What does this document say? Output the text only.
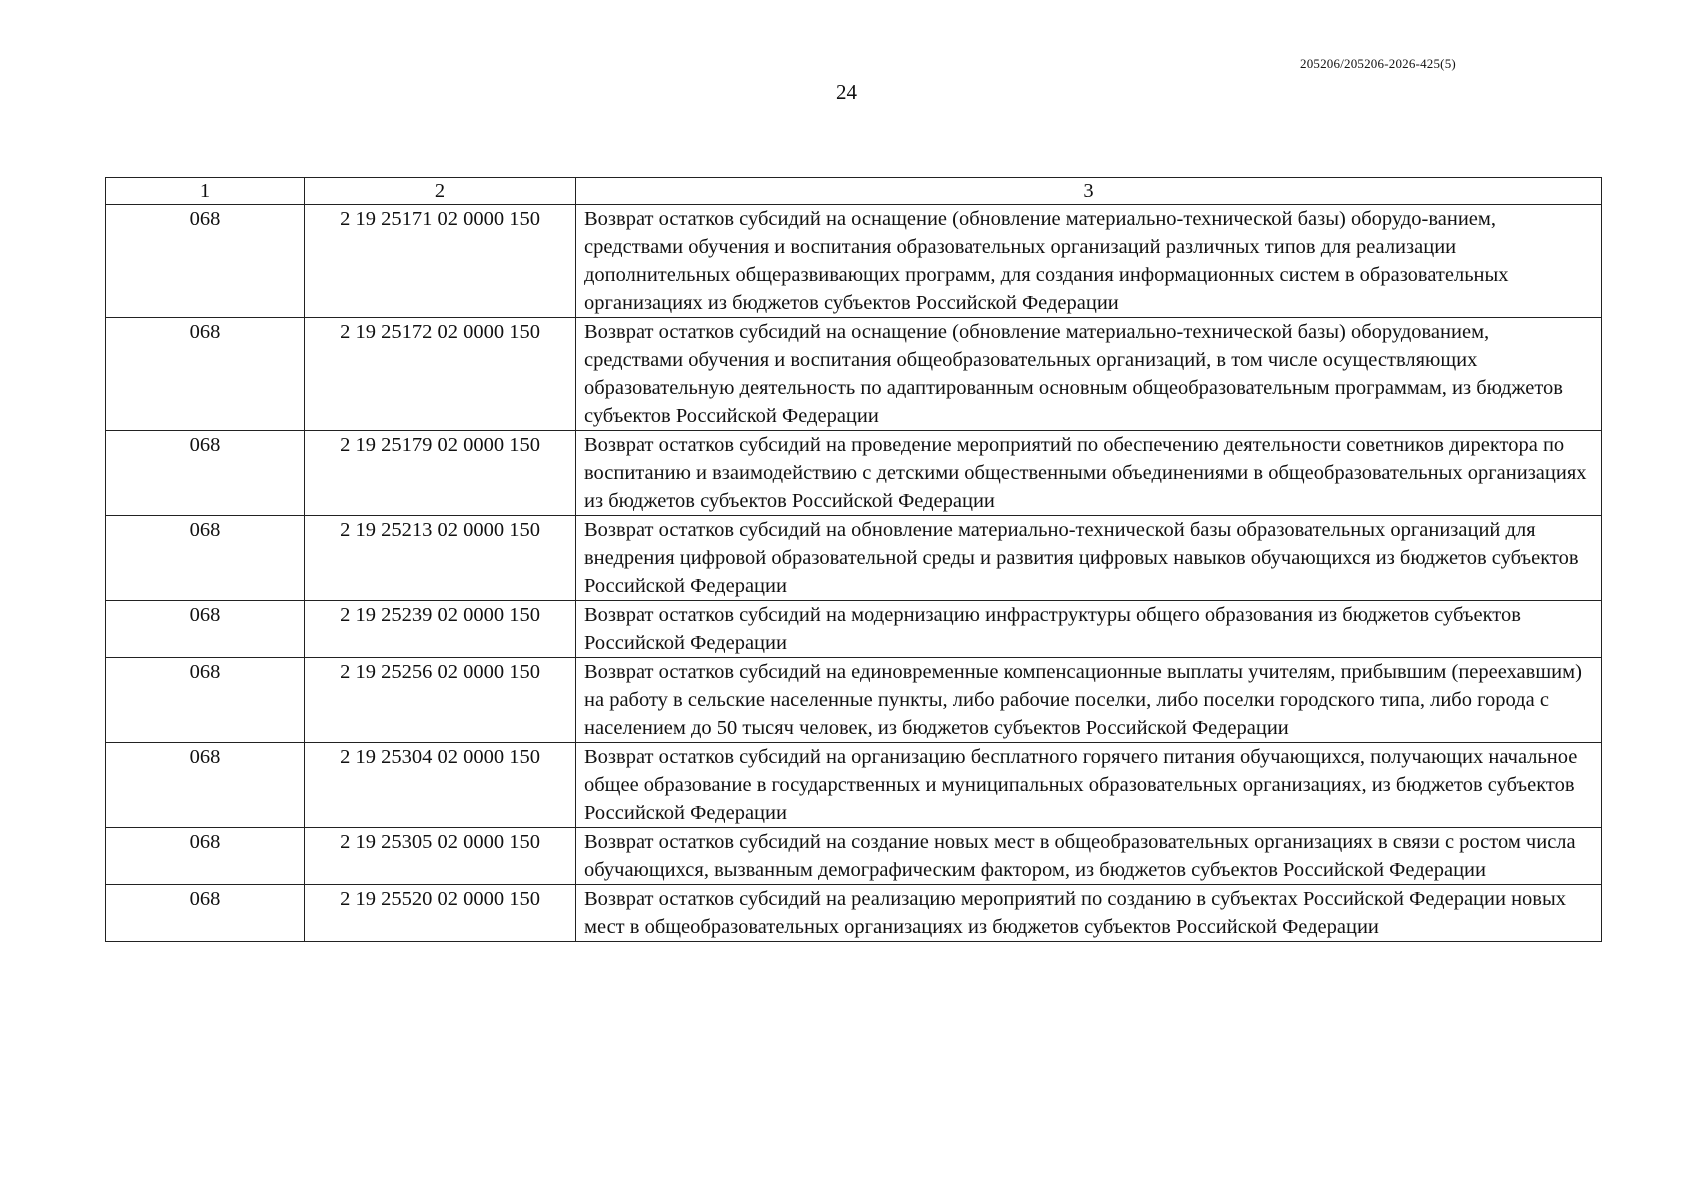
205206/205206-2026-425(5)
24
1	2	3
068	2 19 25171 02 0000 150	Возврат остатков субсидий на оснащение (обновление материально-технической базы) оборудо-ванием, средствами обучения и воспитания образовательных организаций различных типов для реализации дополнительных общеразвивающих программ, для создания информационных систем в образовательных организациях из бюджетов субъектов Российской Федерации
068	2 19 25172 02 0000 150	Возврат остатков субсидий на оснащение (обновление материально-технической базы) оборудованием, средствами обучения и воспитания общеобразовательных организаций, в том числе осуществляющих образовательную деятельность по адаптированным основным общеобразовательным программам, из бюджетов субъектов Российской Федерации
068	2 19 25179 02 0000 150	Возврат остатков субсидий на проведение мероприятий по обеспечению деятельности советников директора по воспитанию и взаимодействию с детскими общественными объединениями в общеобразовательных организациях из бюджетов субъектов Российской Федерации
068	2 19 25213 02 0000 150	Возврат остатков субсидий на обновление материально-технической базы образовательных организаций для внедрения цифровой образовательной среды и развития цифровых навыков обучающихся из бюджетов субъектов Российской Федерации
068	2 19 25239 02 0000 150	Возврат остатков субсидий на модернизацию инфраструктуры общего образования из бюджетов субъектов Российской Федерации
068	2 19 25256 02 0000 150	Возврат остатков субсидий на единовременные компенсационные выплаты учителям, прибывшим (переехавшим) на работу в сельские населенные пункты, либо рабочие поселки, либо поселки городского типа, либо города с населением до 50 тысяч человек, из бюджетов субъектов Российской Федерации
068	2 19 25304 02 0000 150	Возврат остатков субсидий на организацию бесплатного горячего питания обучающихся, получающих начальное общее образование в государственных и муниципальных образовательных организациях, из бюджетов субъектов Российской Федерации
068	2 19 25305 02 0000 150	Возврат остатков субсидий на создание новых мест в общеобразовательных организациях в связи с ростом числа обучающихся, вызванным демографическим фактором, из бюджетов субъектов Российской Федерации
068	2 19 25520 02 0000 150	Возврат остатков субсидий на реализацию мероприятий по созданию в субъектах Российской Федерации новых мест в общеобразовательных организациях из бюджетов субъектов Российской Федерации
